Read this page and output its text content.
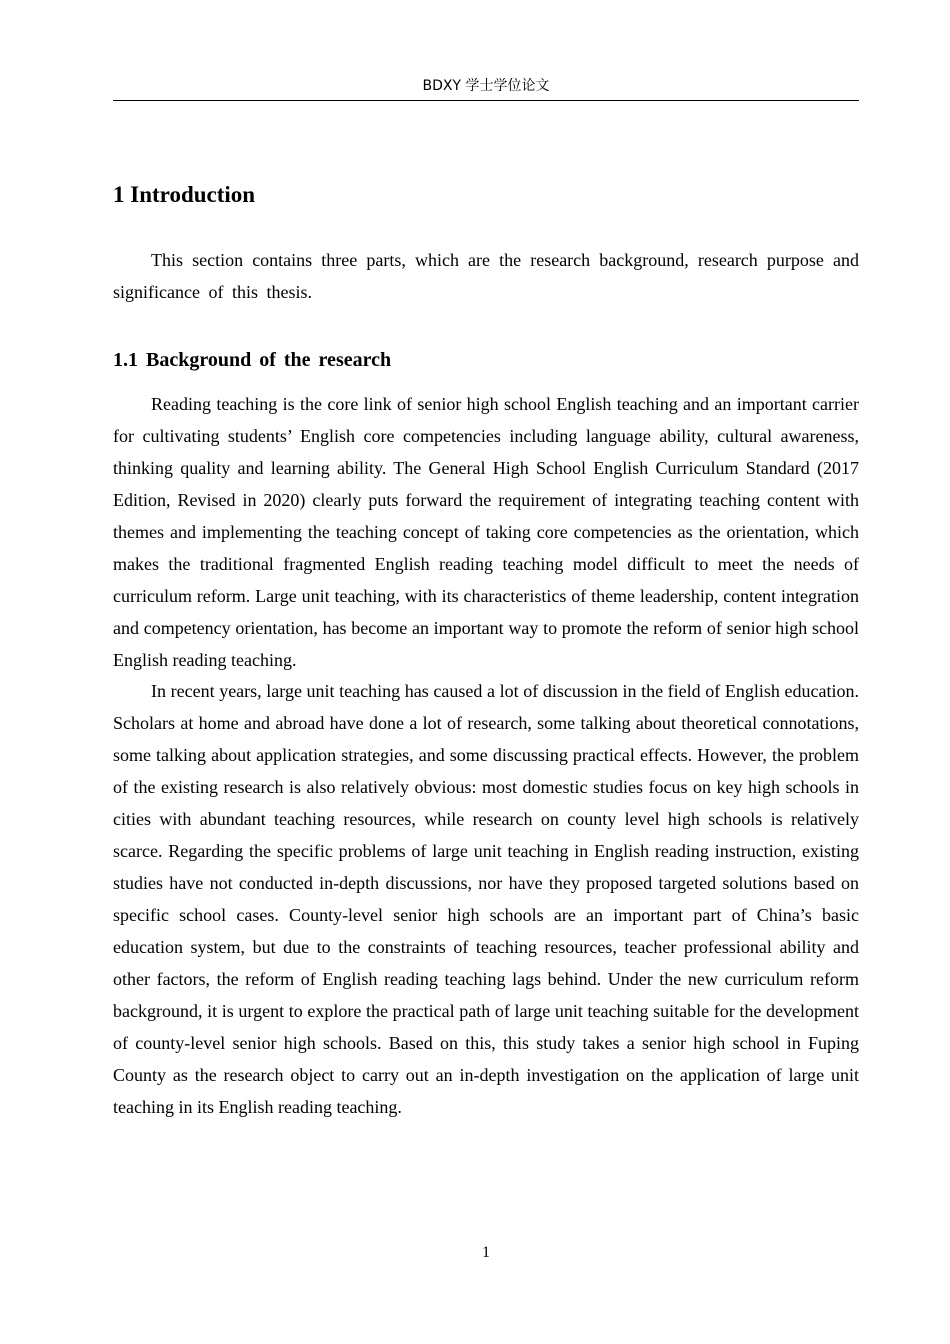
BDXY 学士学位论文
1 Introduction

This section contains three parts, which are the research background, research purpose and significance of this thesis.

1.1 Background of the research

Reading teaching is the core link of senior high school English teaching and an important carrier for cultivating students’ English core competencies including language ability, cultural awareness, thinking quality and learning ability. The General High School English Curriculum Standard (2017 Edition, Revised in 2020) clearly puts forward the requirement of integrating teaching content with themes and implementing the teaching concept of taking core competencies as the orientation, which makes the traditional fragmented English reading teaching model difficult to meet the needs of curriculum reform. Large unit teaching, with its characteristics of theme leadership, content integration and competency orientation, has become an important way to promote the reform of senior high school English reading teaching.

In recent years, large unit teaching has caused a lot of discussion in the field of English education. Scholars at home and abroad have done a lot of research, some talking about theoretical connotations, some talking about application strategies, and some discussing practical effects. However, the problem of the existing research is also relatively obvious: most domestic studies focus on key high schools in cities with abundant teaching resources, while research on county level high schools is relatively scarce. Regarding the specific problems of large unit teaching in English reading instruction, existing studies have not conducted in-depth discussions, nor have they proposed targeted solutions based on specific school cases. County-level senior high schools are an important part of China’s basic education system, but due to the constraints of teaching resources, teacher professional ability and other factors, the reform of English reading teaching lags behind. Under the new curriculum reform background, it is urgent to explore the practical path of large unit teaching suitable for the development of county-level senior high schools. Based on this, this study takes a senior high school in Fuping County as the research object to carry out an in-depth investigation on the application of large unit teaching in its English reading teaching.

1
